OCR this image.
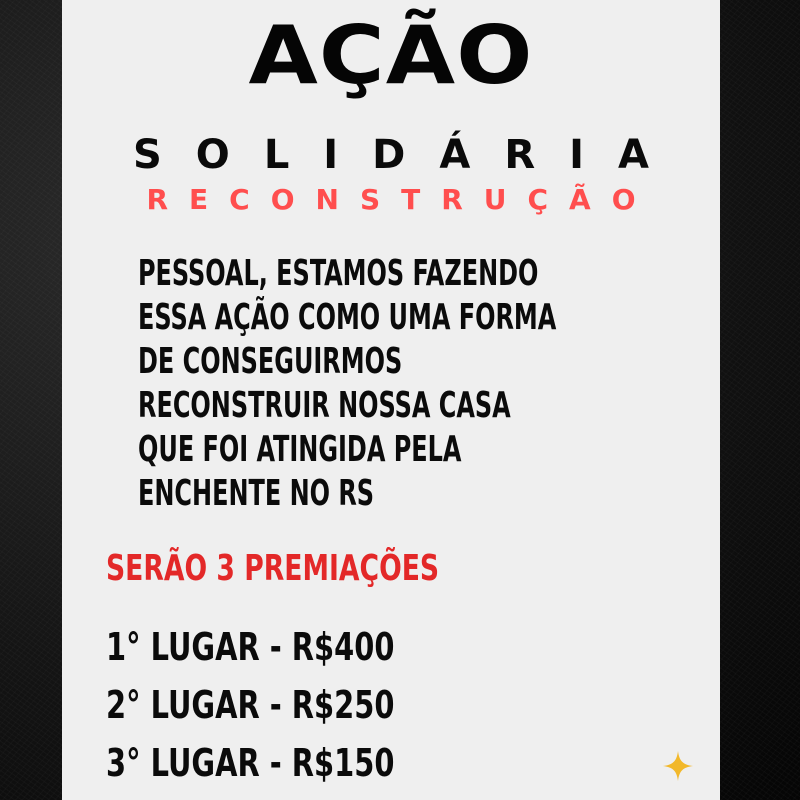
AÇÃO

SOLIDÁRIA

RECONSTRUÇÃO

PESSOAL, ESTAMOS FAZENDO
ESSA AÇÃO COMO UMA FORMA
DE CONSEGUIRMOS
RECONSTRUIR NOSSA CASA
QUE FOI ATINGIDA PELA
ENCHENTE NO RS
SERÃO 3 PREMIAÇÕES
1° LUGAR - R$400
2° LUGAR - R$250
3° LUGAR - R$150
